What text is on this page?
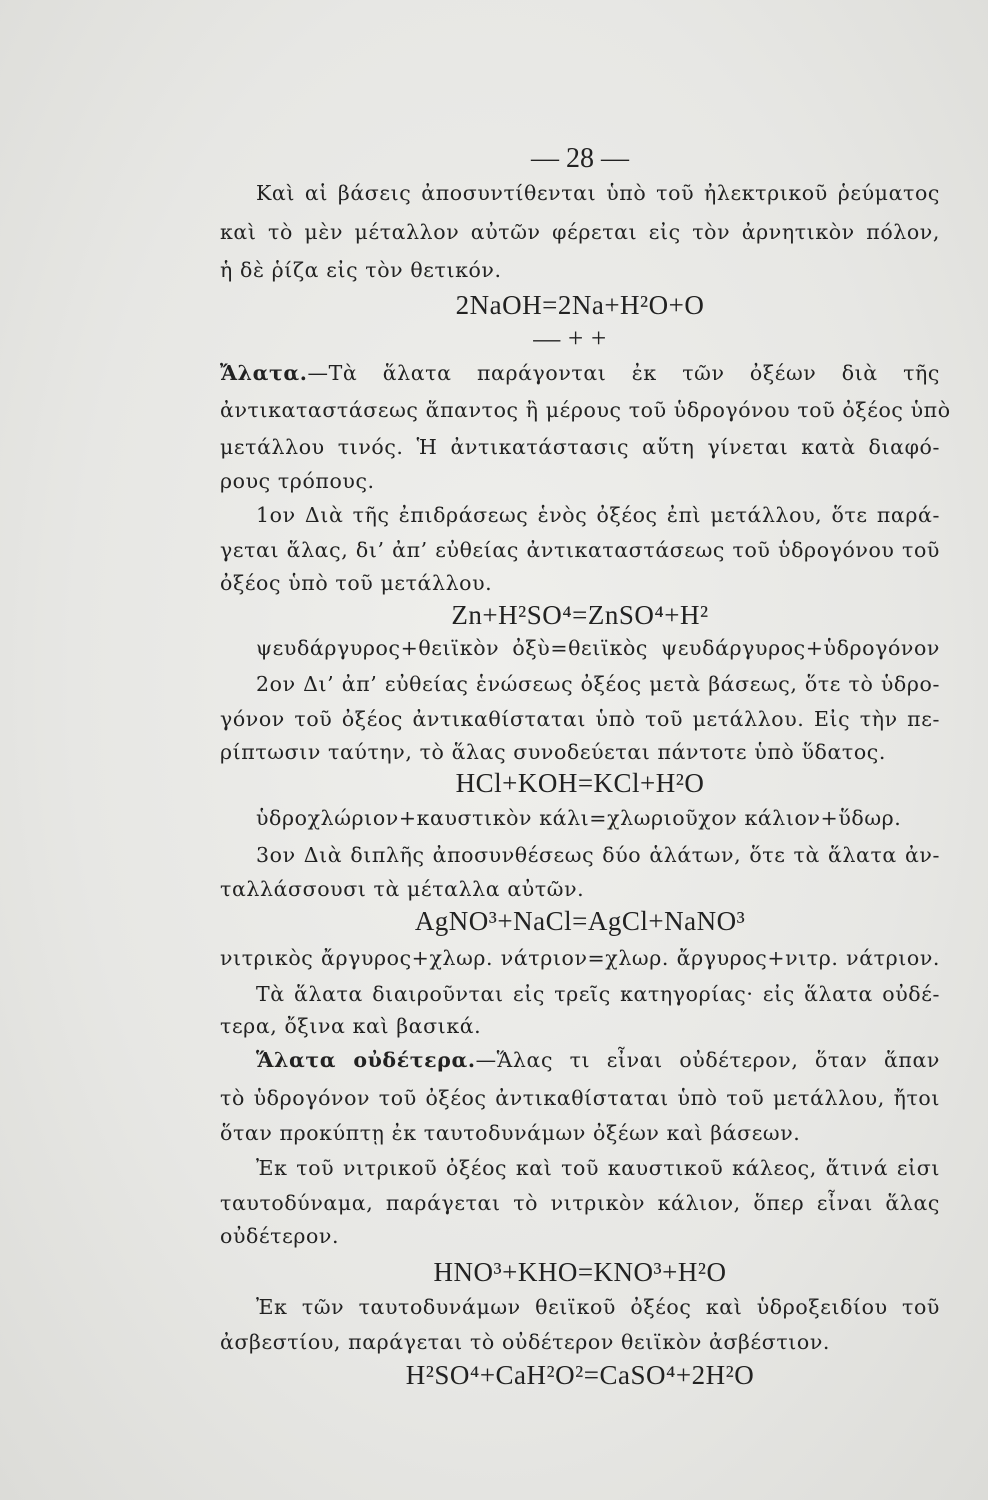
— 28 —
Καὶ αἱ βάσεις ἀποσυντίθενται ὑπὸ τοῦ ἠλεκτρικοῦ ῥεύματος
καὶ τὸ μὲν μέταλλον αὐτῶν φέρεται εἰς τὸν ἀρνητικὸν πόλον,
ἡ δὲ ῥίζα εἰς τὸν θετικόν.
2NaOH=2Na+H²O+O
— + +
Ἄλατα.—Τὰ ἅλατα παράγονται ἐκ τῶν ὀξέων διὰ τῆς
ἀντικαταστάσεως ἅπαντος ἢ μέρους τοῦ ὑδρογόνου τοῦ ὀξέος ὑπὸ
μετάλλου τινός. Ἡ ἀντικατάστασις αὕτη γίνεται κατὰ διαφό-
ρους τρόπους.
1ον Διὰ τῆς ἐπιδράσεως ἑνὸς ὀξέος ἐπὶ μετάλλου, ὅτε παρά-
γεται ἅλας, δι’ ἀπ’ εὐθείας ἀντικαταστάσεως τοῦ ὑδρογόνου τοῦ
ὀξέος ὑπὸ τοῦ μετάλλου.
Zn+H²SO⁴=ZnSO⁴+H²
ψευδάργυρος+θειϊκὸν ὀξὺ=θειϊκὸς ψευδάργυρος+ὑδρογόνον
2ον Δι’ ἀπ’ εὐθείας ἑνώσεως ὀξέος μετὰ βάσεως, ὅτε τὸ ὑδρο-
γόνον τοῦ ὀξέος ἀντικαθίσταται ὑπὸ τοῦ μετάλλου. Εἰς τὴν πε-
ρίπτωσιν ταύτην, τὸ ἅλας συνοδεύεται πάντοτε ὑπὸ ὕδατος.
HCl+KOH=KCl+H²O
ὑδροχλώριον+καυστικὸν κάλι=χλωριοῦχον κάλιον+ὕδωρ.
3ον Διὰ διπλῆς ἀποσυνθέσεως δύο ἁλάτων, ὅτε τὰ ἅλατα ἀν-
ταλλάσσουσι τὰ μέταλλα αὐτῶν.
AgNO³+NaCl=AgCl+NaNO³
νιτρικὸς ἄργυρος+χλωρ. νάτριον=χλωρ. ἄργυρος+νιτρ. νάτριον.
Τὰ ἅλατα διαιροῦνται εἰς τρεῖς κατηγορίας· εἰς ἅλατα οὐδέ-
τερα, ὄξινα καὶ βασικά.
Ἅλατα οὐδέτερα.—Ἅλας τι εἶναι οὐδέτερον, ὅταν ἅπαν
τὸ ὑδρογόνον τοῦ ὀξέος ἀντικαθίσταται ὑπὸ τοῦ μετάλλου, ἤτοι
ὅταν προκύπτῃ ἐκ ταυτοδυνάμων ὀξέων καὶ βάσεων.
Ἐκ τοῦ νιτρικοῦ ὀξέος καὶ τοῦ καυστικοῦ κάλεος, ἅτινά εἰσι
ταυτοδύναμα, παράγεται τὸ νιτρικὸν κάλιον, ὅπερ εἶναι ἅλας
οὐδέτερον.
HNO³+KHO=KNO³+H²O
Ἐκ τῶν ταυτοδυνάμων θειϊκοῦ ὀξέος καὶ ὑδροξειδίου τοῦ
ἀσβεστίου, παράγεται τὸ οὐδέτερον θειϊκὸν ἀσβέστιον.
H²SO⁴+CaH²O²=CaSO⁴+2H²O
